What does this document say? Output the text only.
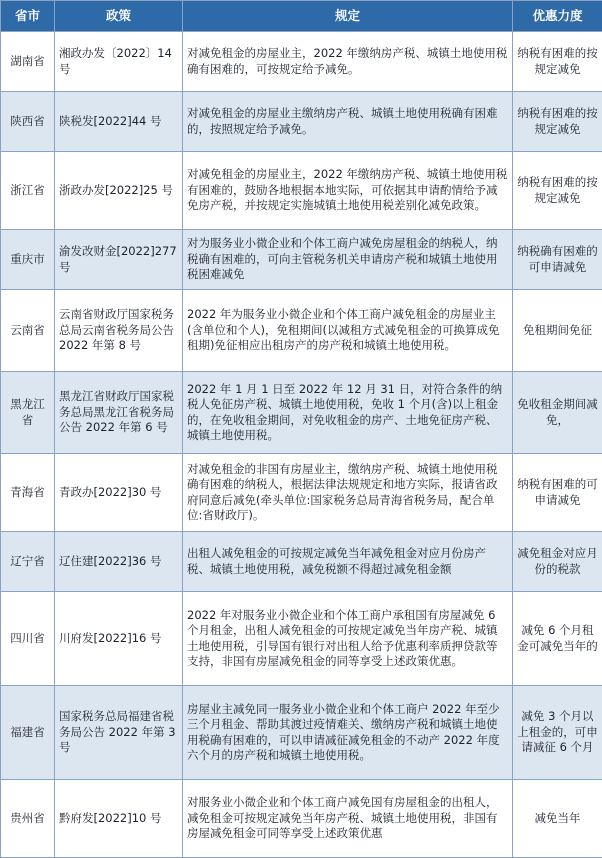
省市	政策	规定	优惠力度
湖南省	湘政办发〔2022〕14 号	对减免租金的房屋业主，2022 年缴纳房产税、城镇土地使用税确有困难的，可按规定给予减免。	纳税有困难的按规定减免
陕西省	陕税发[2022]44 号	对减免租金的房屋业主缴纳房产税、城镇土地使用税确有困难的，按照规定给予减免。	纳税有困难的按规定减免
浙江省	浙政办发[2022]25 号	对减免租金的房屋业主，2022 年缴纳房产税、城镇土地使用税有困难的，鼓励各地根据本地实际，可依据其申请酌情给予减免房产税，并按规定实施城镇土地使用税差别化减免政策。	纳税有困难的按规定减免
重庆市	渝发改财金[2022]277 号	对为服务业小微企业和个体工商户减免房屋租金的纳税人，纳税确有困难的，可向主管税务机关申请房产税和城镇土地使用税困难减免	纳税确有困难的可申请减免
云南省	云南省财政厅国家税务总局云南省税务局公告 2022 年第 8 号	2022 年为服务业小微企业和个体工商户减免租金的房屋业主(含单位和个人)，免租期间(以减租方式减免租金的可换算成免租期)免征相应出租房产的房产税和城镇土地使用税。	免租期间免征
黑龙江省	黑龙江省财政厅国家税务总局黑龙江省税务局公告 2022 年第 6 号	2022 年 1 月 1 日至 2022 年 12 月 31 日，对符合条件的纳税人免征房产税、城镇土地使用税，免收 1 个月(含)以上租金的，在免收租金期间，对免收租金的房产、土地免征房产税、城镇土地使用税。	免收租金期间减免，
青海省	青政办[2022]30 号	对减免租金的非国有房屋业主，缴纳房产税、城镇土地使用税确有困难的纳税人，根据法律法规规定和地方实际，报请省政府同意后减免(牵头单位:国家税务总局青海省税务局，配合单位:省财政厅)。	纳税有困难的可申请减免
辽宁省	辽住建[2022]36 号	出租人减免租金的可按规定减免当年减免租金对应月份房产税、城镇土地使用税，减免税额不得超过减免租金额	减免租金对应月份的税款
四川省	川府发[2022]16 号	2022 年对服务业小微企业和个体工商户承租国有房屋减免 6 个月租金，出租人减免租金的可按规定减免当年房产税、城镇土地使用税，引导国有银行对出租人给予优惠利率质押贷款等支持，非国有房屋减免租金的同等享受上述政策优惠。	减免 6 个月租金可减免当年的
福建省	国家税务总局福建省税务局公告 2022 年第 3 号	房屋业主减免同一服务业小微企业和个体工商户 2022 年至少三个月租金、帮助其渡过疫情难关、缴纳房产税和城镇土地使用税确有困难的，可以申请减征减免租金的不动产 2022 年度六个月的房产税和城镇土地使用税。	减免 3 个月以上租金的，可申请减征 6 个月
贵州省	黔府发[2022]10 号	对服务业小微企业和个体工商户减免国有房屋租金的出租人，减免租金可按规定减免当年房产税、城镇土地使用税，非国有房屋减免租金可同等享受上述政策优惠	减免当年
